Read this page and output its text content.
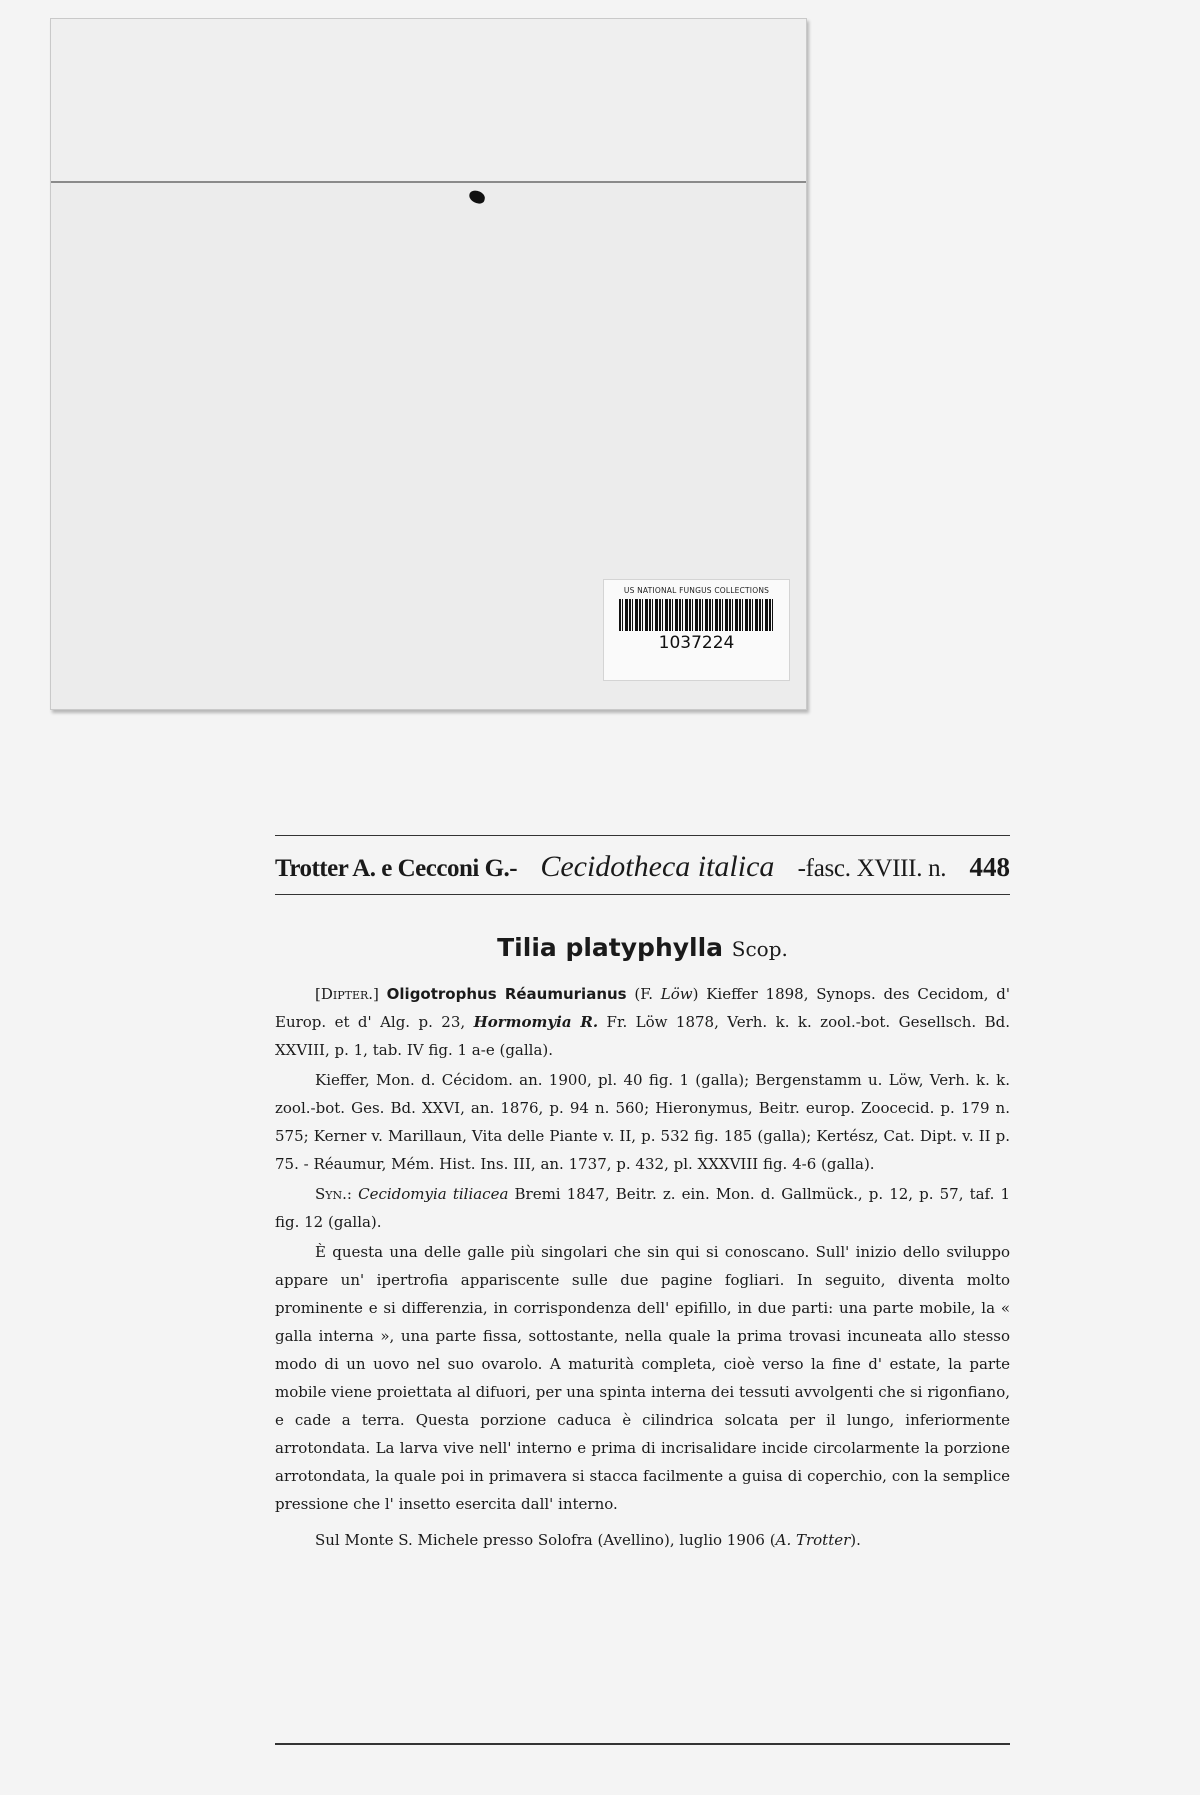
US NATIONAL FUNGUS COLLECTIONS
1037224
Trotter A. e Cecconi G.- Cecidotheca italica -fasc. XVIII. n. 448
Tilia platyphylla Scop.

[Dipter.] Oligotrophus Réaumurianus (F. Löw) Kieffer 1898, Synops. des Cecidom, d' Europ. et d' Alg. p. 23, Hormomyia R. Fr. Löw 1878, Verh. k. k. zool.-bot. Gesellsch. Bd. XXVIII, p. 1, tab. IV fig. 1 a-e (galla).

Kieffer, Mon. d. Cécidom. an. 1900, pl. 40 fig. 1 (galla); Bergenstamm u. Löw, Verh. k. k. zool.-bot. Ges. Bd. XXVI, an. 1876, p. 94 n. 560; Hieronymus, Beitr. europ. Zoocecid. p. 179 n. 575; Kerner v. Marillaun, Vita delle Piante v. II, p. 532 fig. 185 (galla); Kertész, Cat. Dipt. v. II p. 75. - Réaumur, Mém. Hist. Ins. III, an. 1737, p. 432, pl. XXXVIII fig. 4-6 (galla).

Syn.: Cecidomyia tiliacea Bremi 1847, Beitr. z. ein. Mon. d. Gallmück., p. 12, p. 57, taf. 1 fig. 12 (galla).

È questa una delle galle più singolari che sin qui si conoscano. Sull' inizio dello sviluppo appare un' ipertrofia appariscente sulle due pagine fogliari. In seguito, diventa molto prominente e si differenzia, in corrispondenza dell' epifillo, in due parti: una parte mobile, la « galla interna », una parte fissa, sottostante, nella quale la prima trovasi incuneata allo stesso modo di un uovo nel suo ovarolo. A maturità completa, cioè verso la fine d' estate, la parte mobile viene proiettata al difuori, per una spinta interna dei tessuti avvolgenti che si rigonfiano, e cade a terra. Questa porzione caduca è cilindrica solcata per il lungo, inferiormente arrotondata. La larva vive nell' interno e prima di incrisalidare incide circolarmente la porzione arrotondata, la quale poi in primavera si stacca facilmente a guisa di coperchio, con la semplice pressione che l' insetto esercita dall' interno.

Sul Monte S. Michele presso Solofra (Avellino), luglio 1906 (A. Trotter).
